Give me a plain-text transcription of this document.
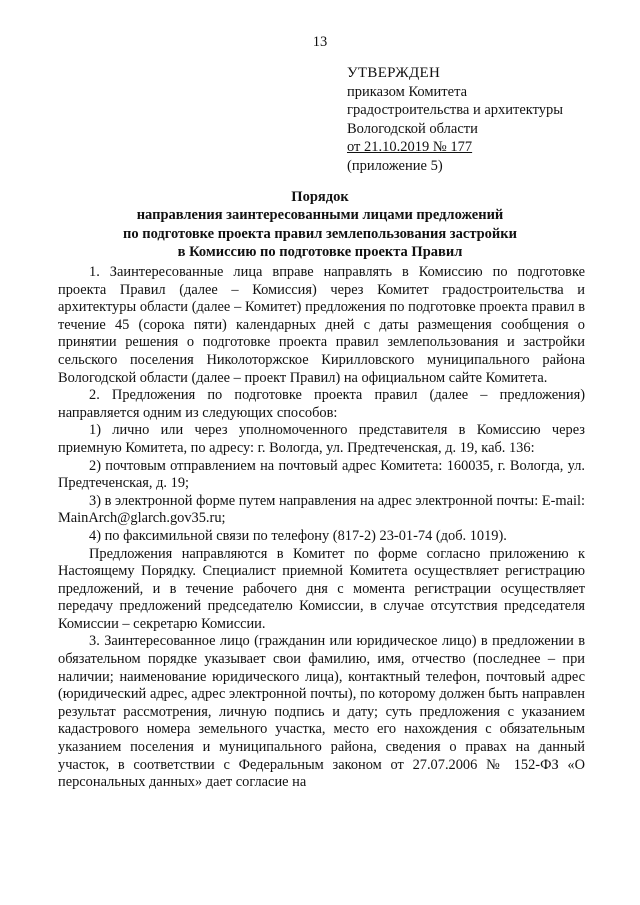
13
УТВЕРЖДЕН
приказом Комитета
градостроительства и архитектуры
Вологодской области
от 21.10.2019 № 177
(приложение 5)
Порядок
направления заинтересованными лицами предложений
по подготовке проекта правил землепользования застройки
в Комиссию по подготовке проекта Правил

1. Заинтересованные лица вправе направлять в Комиссию по подготовке проекта Правил (далее – Комиссия) через Комитет градостроительства и архитектуры области (далее – Комитет) предложения по подготовке проекта правил в течение 45 (сорока пяти) календарных дней с даты размещения сообщения о принятии решения о подготовке проекта правил землепользования и застройки сельского поселения Николоторжское Кирилловского муниципального района Вологодской области (далее – проект Правил) на официальном сайте Комитета.

2. Предложения по подготовке проекта правил (далее – предложения) направляется одним из следующих способов:

1) лично или через уполномоченного представителя в Комиссию через приемную Комитета, по адресу: г. Вологда, ул. Предтеченская, д. 19, каб. 136:

2) почтовым отправлением на почтовый адрес Комитета: 160035, г. Вологда, ул. Предтеченская, д. 19;

3) в электронной форме путем направления на адрес электронной почты: E-mail: MainArch@glarch.gov35.ru;

4) по факсимильной связи по телефону (817-2) 23-01-74 (доб. 1019).

Предложения направляются в Комитет по форме согласно приложению к Настоящему Порядку. Специалист приемной Комитета осуществляет регистрацию предложений, и в течение рабочего дня с момента регистрации осуществляет передачу предложений председателю Комиссии, в случае отсутствия председателя Комиссии – секретарю Комиссии.

3. Заинтересованное лицо (гражданин или юридическое лицо) в предложении в обязательном порядке указывает свои фамилию, имя, отчество (последнее – при наличии; наименование юридического лица), контактный телефон, почтовый адрес (юридический адрес, адрес электронной почты), по которому должен быть направлен результат рассмотрения, личную подпись и дату; суть предложения с указанием кадастрового номера земельного участка, место его нахождения с обязательным указанием поселения и муниципального района, сведения о правах на данный участок, в соответствии с Федеральным законом от 27.07.2006 № 152-ФЗ «О персональных данных» дает согласие на
